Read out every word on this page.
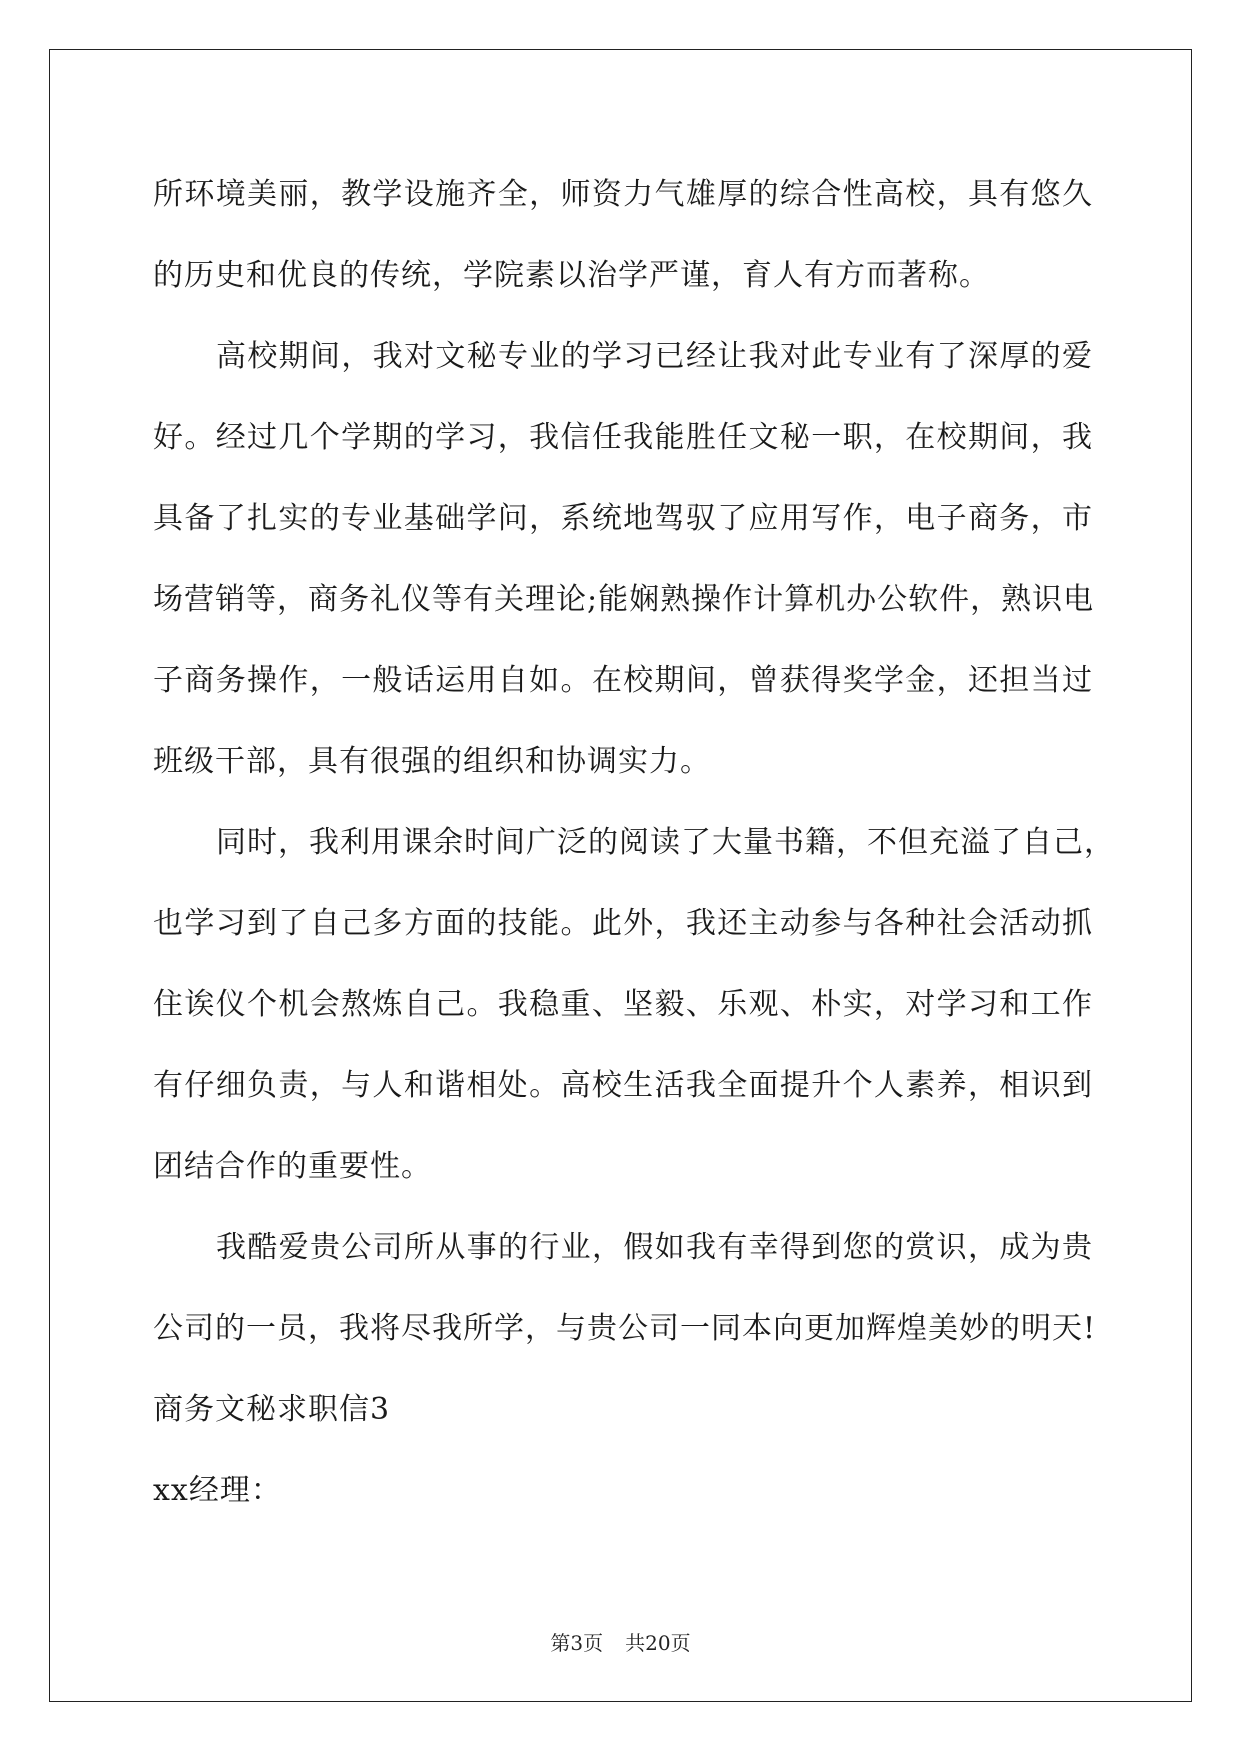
所环境美丽，教学设施齐全，师资力气雄厚的综合性高校，具有悠久
的历史和优良的传统，学院素以治学严谨，育人有方而著称。
高校期间，我对文秘专业的学习已经让我对此专业有了深厚的爱
好。经过几个学期的学习，我信任我能胜任文秘一职，在校期间，我
具备了扎实的专业基础学问，系统地驾驭了应用写作，电子商务，市
场营销等，商务礼仪等有关理论;能娴熟操作计算机办公软件，熟识电
子商务操作，一般话运用自如。在校期间，曾获得奖学金，还担当过
班级干部，具有很强的组织和协调实力。
同时，我利用课余时间广泛的阅读了大量书籍，不但充溢了自己，
也学习到了自己多方面的技能。此外，我还主动参与各种社会活动抓
住诶仪个机会熬炼自己。我稳重、坚毅、乐观、朴实，对学习和工作
有仔细负责，与人和谐相处。高校生活我全面提升个人素养，相识到
团结合作的重要性。
我酷爱贵公司所从事的行业，假如我有幸得到您的赏识，成为贵
公司的一员，我将尽我所学，与贵公司一同本向更加辉煌美妙的明天!
商务文秘求职信3
xx经理：
第3页 共20页
